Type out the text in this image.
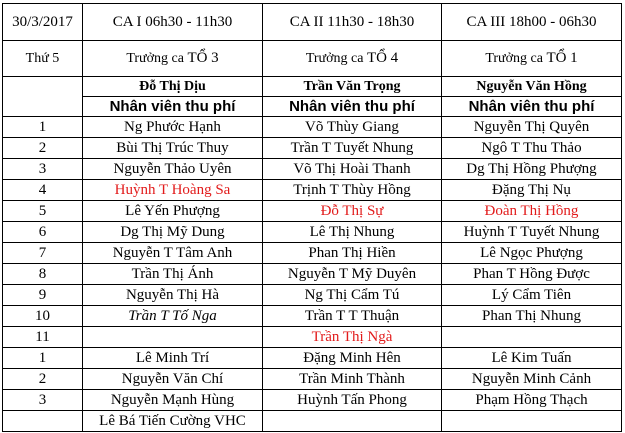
30/3/2017	CA I 06h30 - 11h30	CA II 11h30 - 18h30	CA III 18h00 - 06h30
Thứ 5	Trưởng ca TỔ 3	Trưởng ca TỔ 4	Trưởng ca TỔ 1
	Đỗ Thị Dịu	Trần Văn Trọng	Nguyễn Văn Hồng
	Nhân viên thu phí	Nhân viên thu phí	Nhân viên thu phí
1	Ng Phước Hạnh	Võ Thùy Giang	Nguyễn Thị Quyên
2	Bùi Thị Trúc Thuy	Trần T Tuyết Nhung	Ngô T Thu Thảo
3	Nguyễn Thảo Uyên	Võ Thị Hoài Thanh	Dg Thị Hồng Phượng
4	Huỳnh T Hoàng Sa	Trịnh T Thùy Hồng	Đặng Thị Nụ
5	Lê Yến Phượng	Đỗ Thị Sự	Đoàn Thị Hồng
6	Dg Thị Mỹ Dung	Lê Thị Nhung	Huỳnh T Tuyết Nhung
7	Nguyễn T Tâm Anh	Phan Thị Hiền	Lê Ngọc Phượng
8	Trần Thị Ánh	Nguyễn T Mỹ Duyên	Phan T Hồng Được
9	Nguyễn Thị Hà	Ng Thị Cẩm Tú	Lý Cẩm Tiên
10	Trần T Tố Nga	Trần T T Thuận	Phan Thị Nhung
11		Trần Thị Ngà	
1	Lê Minh Trí	Đặng Minh Hên	Lê Kim Tuấn
2	Nguyễn Văn Chí	Trần Minh Thành	Nguyễn Minh Cảnh
3	Nguyễn Mạnh Hùng	Huỳnh Tấn Phong	Phạm Hồng Thạch
	Lê Bá Tiến Cường VHC		
